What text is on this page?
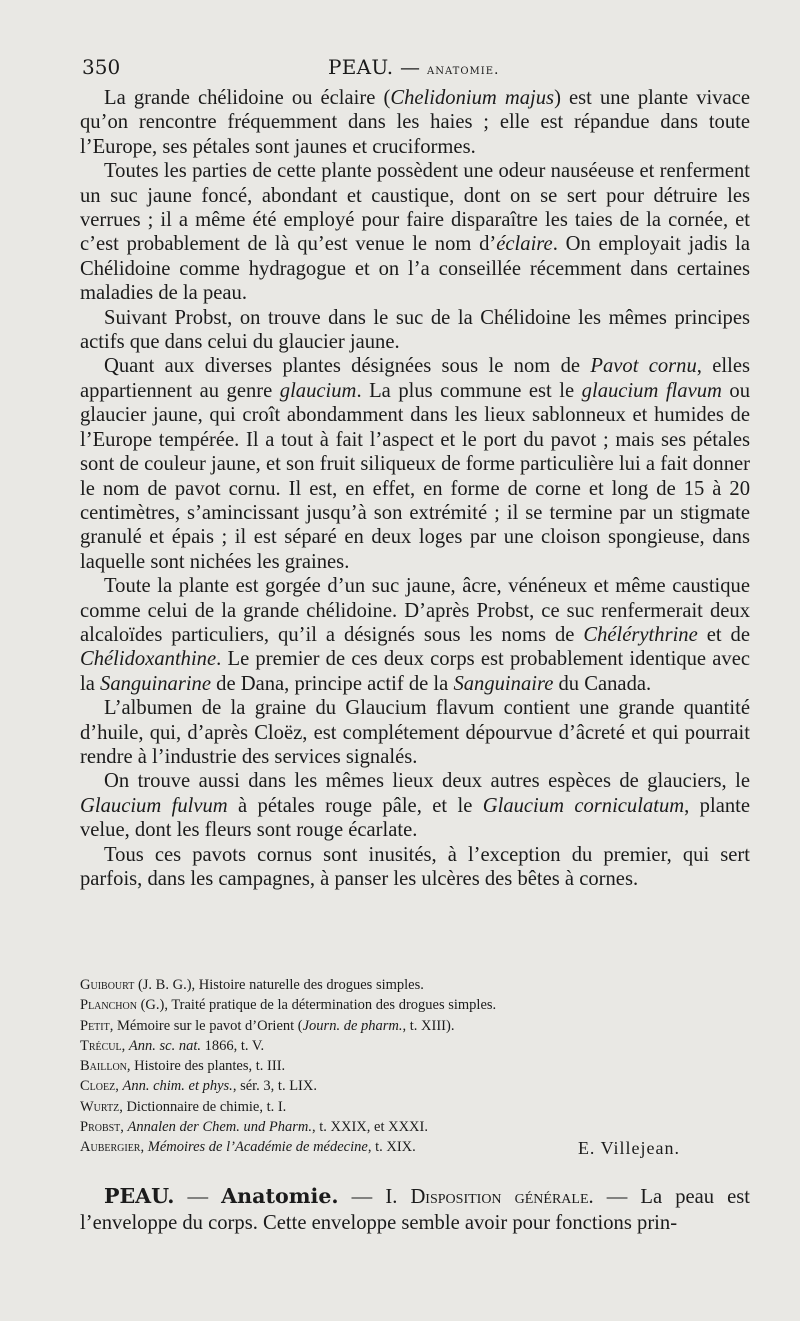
350	PEAU. — anatomie.

La grande chélidoine ou éclaire (Chelidonium majus) est une plante vivace qu’on rencontre fréquemment dans les haies ; elle est répandue dans toute l’Europe, ses pétales sont jaunes et cruciformes.

Toutes les parties de cette plante possèdent une odeur nauséeuse et renferment un suc jaune foncé, abondant et caustique, dont on se sert pour détruire les verrues ; il a même été employé pour faire disparaître les taies de la cornée, et c’est probablement de là qu’est venue le nom d’éclaire. On employait jadis la Chélidoine comme hydragogue et on l’a conseillée récemment dans certaines maladies de la peau.

Suivant Probst, on trouve dans le suc de la Chélidoine les mêmes principes actifs que dans celui du glaucier jaune.

Quant aux diverses plantes désignées sous le nom de Pavot cornu, elles appartiennent au genre glaucium. La plus commune est le glaucium flavum ou glaucier jaune, qui croît abondamment dans les lieux sablonneux et humides de l’Europe tempérée. Il a tout à fait l’aspect et le port du pavot ; mais ses pétales sont de couleur jaune, et son fruit siliqueux de forme particulière lui a fait donner le nom de pavot cornu. Il est, en effet, en forme de corne et long de 15 à 20 centimètres, s’amincissant jusqu’à son extrémité ; il se termine par un stigmate granulé et épais ; il est séparé en deux loges par une cloison spongieuse, dans laquelle sont nichées les graines.

Toute la plante est gorgée d’un suc jaune, âcre, vénéneux et même caustique comme celui de la grande chélidoine. D’après Probst, ce suc renfermerait deux alcaloïdes particuliers, qu’il a désignés sous les noms de Chélérythrine et de Chélidoxanthine. Le premier de ces deux corps est probablement identique avec la Sanguinarine de Dana, principe actif de la Sanguinaire du Canada.

L’albumen de la graine du Glaucium flavum contient une grande quantité d’huile, qui, d’après Cloëz, est complétement dépourvue d’âcreté et qui pourrait rendre à l’industrie des services signalés.

On trouve aussi dans les mêmes lieux deux autres espèces de glauciers, le Glaucium fulvum à pétales rouge pâle, et le Glaucium corniculatum, plante velue, dont les fleurs sont rouge écarlate.

Tous ces pavots cornus sont inusités, à l’exception du premier, qui sert parfois, dans les campagnes, à panser les ulcères des bêtes à cornes.

Guibourt (J. B. G.), Histoire naturelle des drogues simples.
Planchon (G.), Traité pratique de la détermination des drogues simples.
Petit, Mémoire sur le pavot d’Orient (Journ. de pharm., t. XIII).
Trécul, Ann. sc. nat. 1866, t. V.
Baillon, Histoire des plantes, t. III.
Cloez, Ann. chim. et phys., sér. 3, t. LIX.
Wurtz, Dictionnaire de chimie, t. I.
Probst, Annalen der Chem. und Pharm., t. XXIX, et XXXI.
Aubergier, Mémoires de l’Académie de médecine, t. XIX.	E. Villejean.

PEAU. — Anatomie. — I. Disposition générale. — La peau est l’enveloppe du corps. Cette enveloppe semble avoir pour fonctions prin-
